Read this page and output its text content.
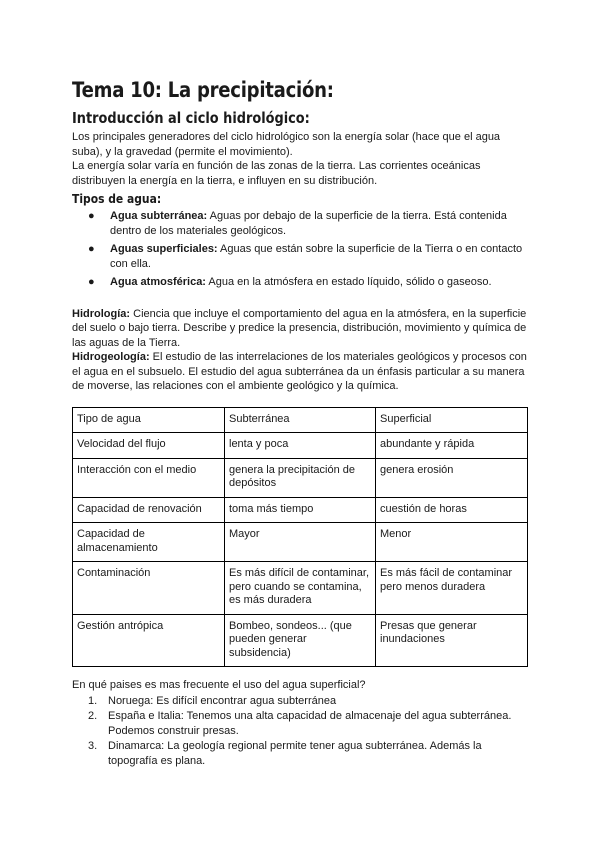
Tema 10: La precipitación:
Introducción al ciclo hidrológico:

Los principales generadores del ciclo hidrológico son la energía solar (hace que el agua suba), y la gravedad (permite el movimiento).

La energía solar varía en función de las zonas de la tierra. Las corrientes oceánicas distribuyen la energía en la tierra, e influyen en su distribución.

Tipos de agua:
● Agua subterránea: Aguas por debajo de la superficie de la tierra. Está contenida dentro de los materiales geológicos.
● Aguas superficiales: Aguas que están sobre la superficie de la Tierra o en contacto con ella.
● Agua atmosférica: Agua en la atmósfera en estado líquido, sólido o gaseoso.

Hidrología: Ciencia que incluye el comportamiento del agua en la atmósfera, en la superficie del suelo o bajo tierra. Describe y predice la presencia, distribución, movimiento y química de las aguas de la Tierra.

Hidrogeología: El estudio de las interrelaciones de los materiales geológicos y procesos con el agua en el subsuelo. El estudio del agua subterránea da un énfasis particular a su manera de moverse, las relaciones con el ambiente geológico y la química.

Tipo de agua	Subterránea	Superficial
Velocidad del flujo	lenta y poca	abundante y rápida
Interacción con el medio	genera la precipitación de depósitos	genera erosión
Capacidad de renovación	toma más tiempo	cuestión de horas
Capacidad de almacenamiento	Mayor	Menor
Contaminación	Es más difícil de contaminar, pero cuando se contamina, es más duradera	Es más fácil de contaminar pero menos duradera
Gestión antrópica	Bombeo, sondeos... (que pueden generar subsidencia)	Presas que generar inundaciones
En qué paises es mas frecuente el uso del agua superficial?
1. Noruega: Es difícil encontrar agua subterránea
2. España e Italia: Tenemos una alta capacidad de almacenaje del agua subterránea. Podemos construir presas.
3. Dinamarca: La geología regional permite tener agua subterránea. Además la topografía es plana.
